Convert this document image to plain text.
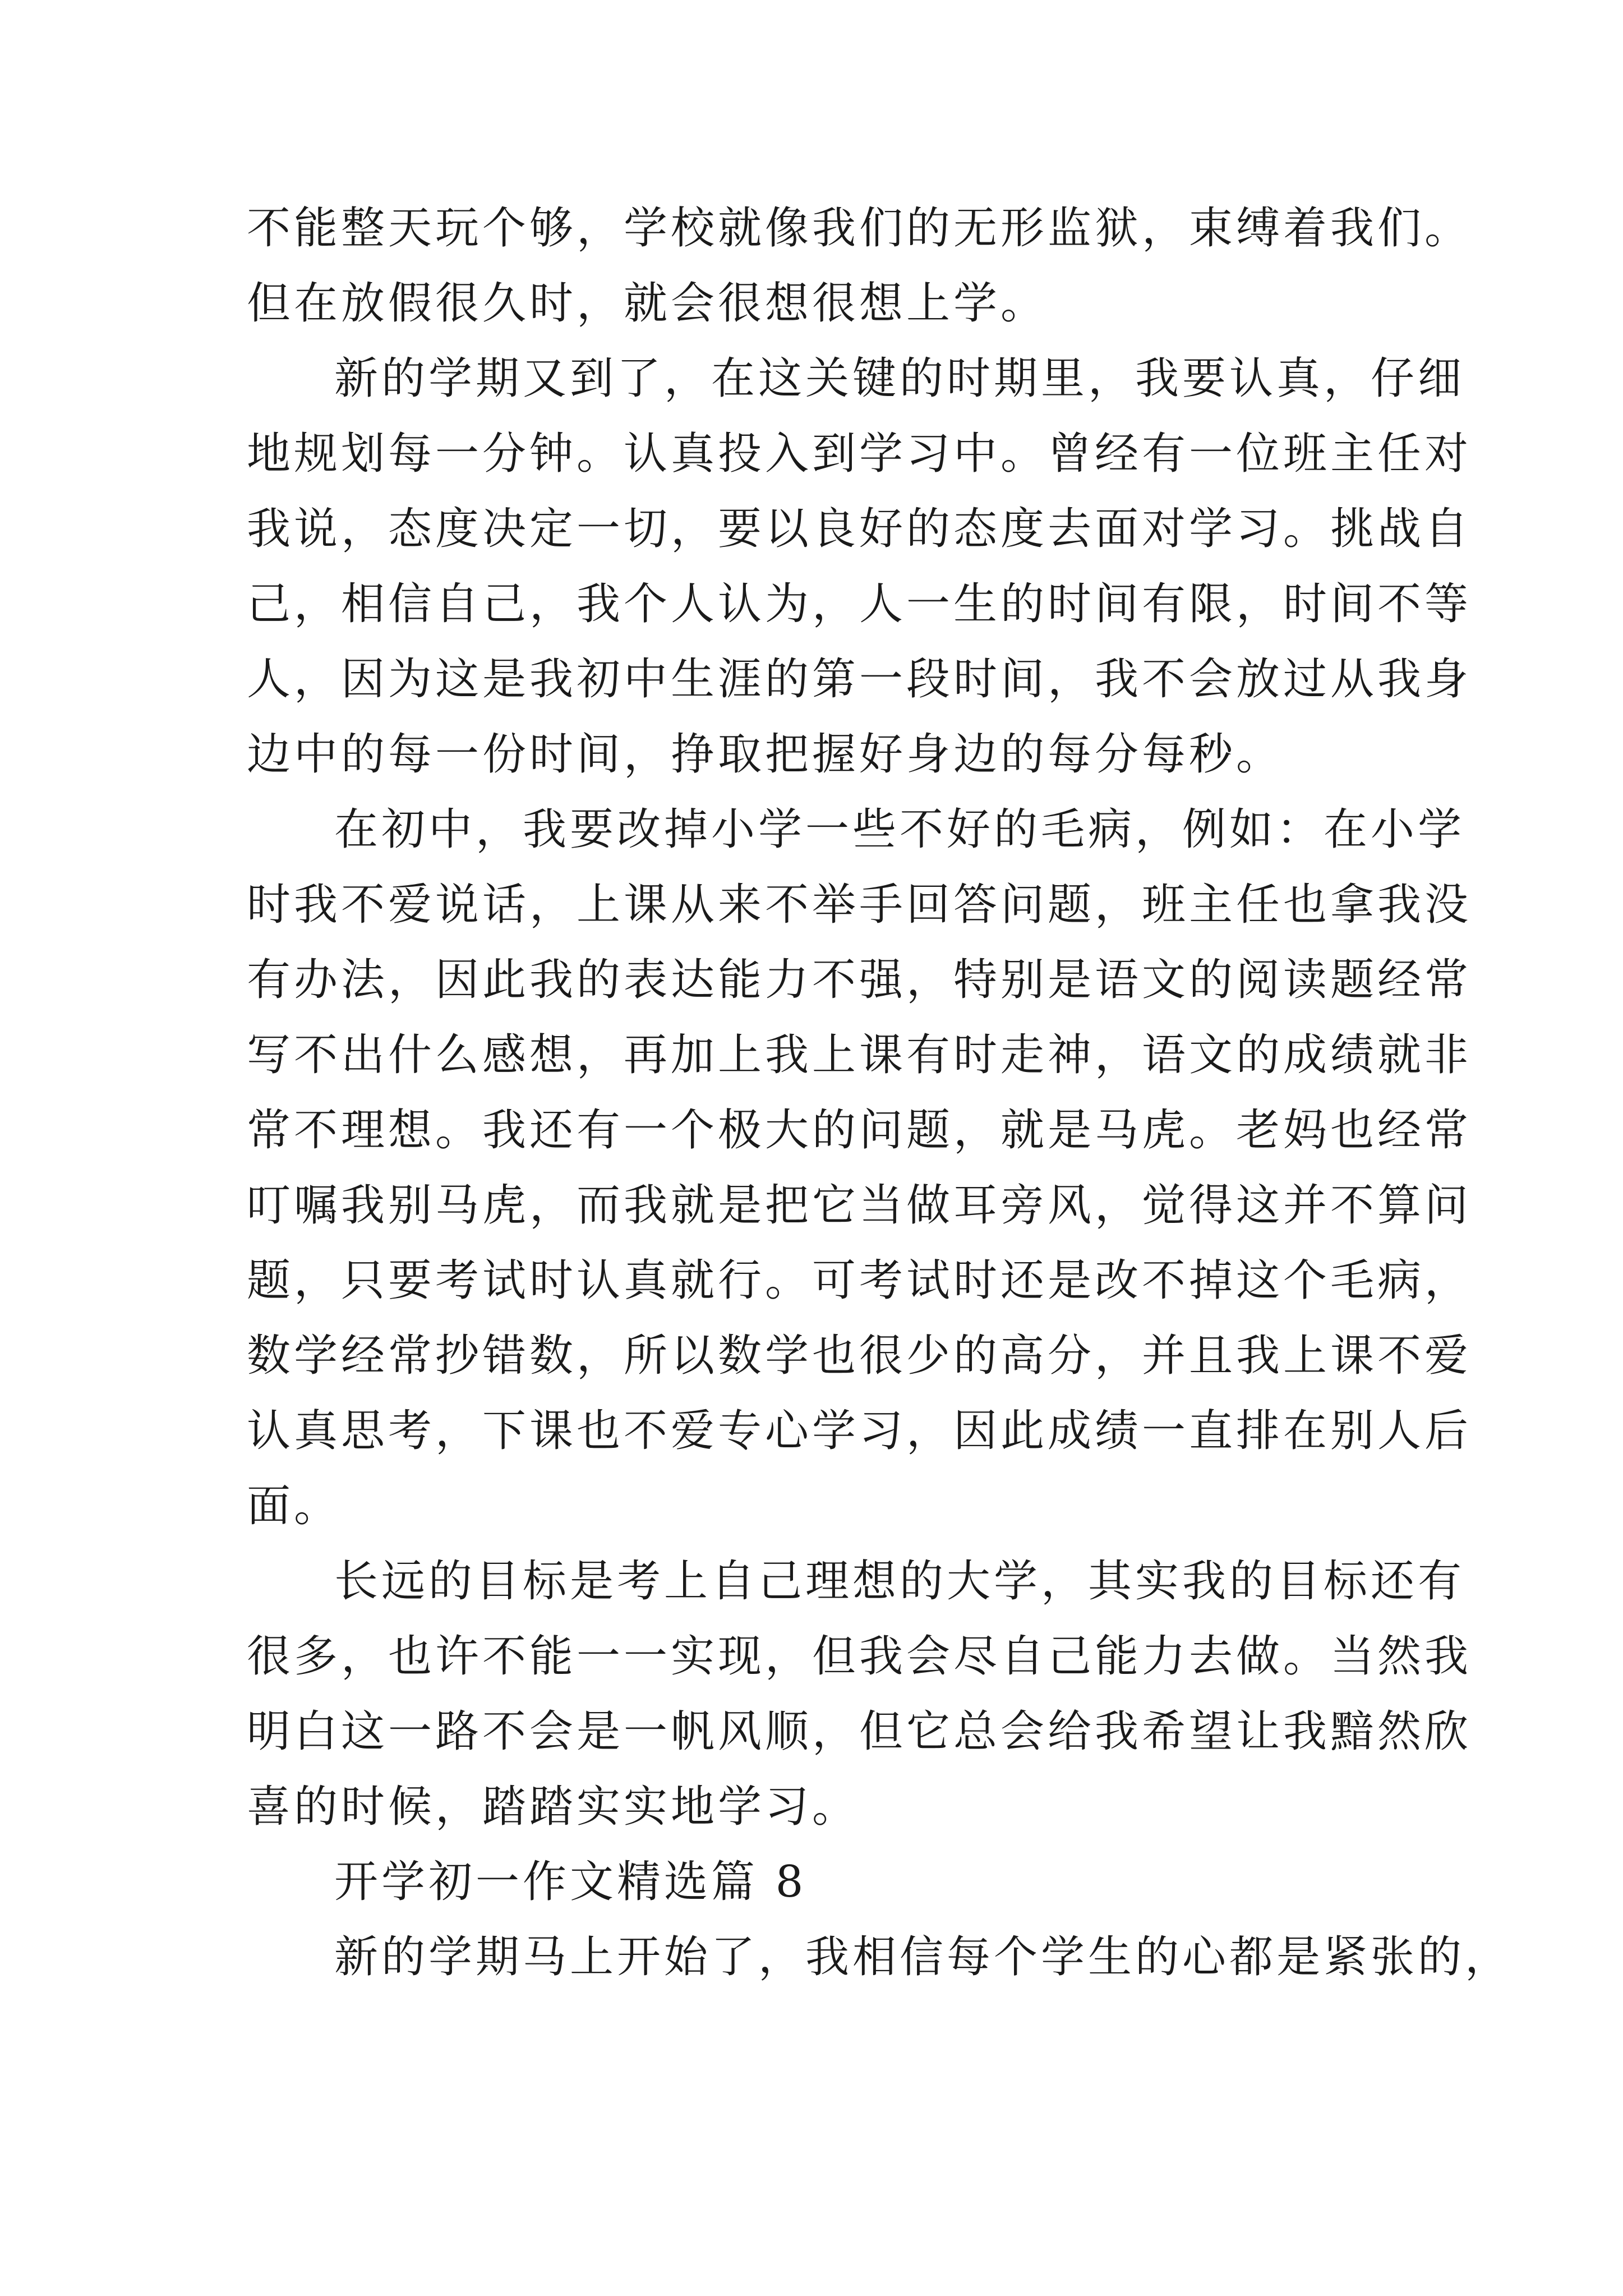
不能整天玩个够，学校就像我们的无形监狱，束缚着我们。
但在放假很久时，就会很想很想上学。
新的学期又到了，在这关键的时期里，我要认真，仔细
地规划每一分钟。认真投入到学习中。曾经有一位班主任对
我说，态度决定一切，要以良好的态度去面对学习。挑战自
己，相信自己，我个人认为，人一生的时间有限，时间不等
人，因为这是我初中生涯的第一段时间，我不会放过从我身
边中的每一份时间，挣取把握好身边的每分每秒。
在初中，我要改掉小学一些不好的毛病，例如：在小学
时我不爱说话，上课从来不举手回答问题，班主任也拿我没
有办法，因此我的表达能力不强，特别是语文的阅读题经常
写不出什么感想，再加上我上课有时走神，语文的成绩就非
常不理想。我还有一个极大的问题，就是马虎。老妈也经常
叮嘱我别马虎，而我就是把它当做耳旁风，觉得这并不算问
题，只要考试时认真就行。可考试时还是改不掉这个毛病，
数学经常抄错数，所以数学也很少的高分，并且我上课不爱
认真思考，下课也不爱专心学习，因此成绩一直排在别人后
面。
长远的目标是考上自己理想的大学，其实我的目标还有
很多，也许不能一一实现，但我会尽自己能力去做。当然我
明白这一路不会是一帆风顺，但它总会给我希望让我黯然欣
喜的时候，踏踏实实地学习。
开学初一作文精选篇 8
新的学期马上开始了，我相信每个学生的心都是紧张的，
